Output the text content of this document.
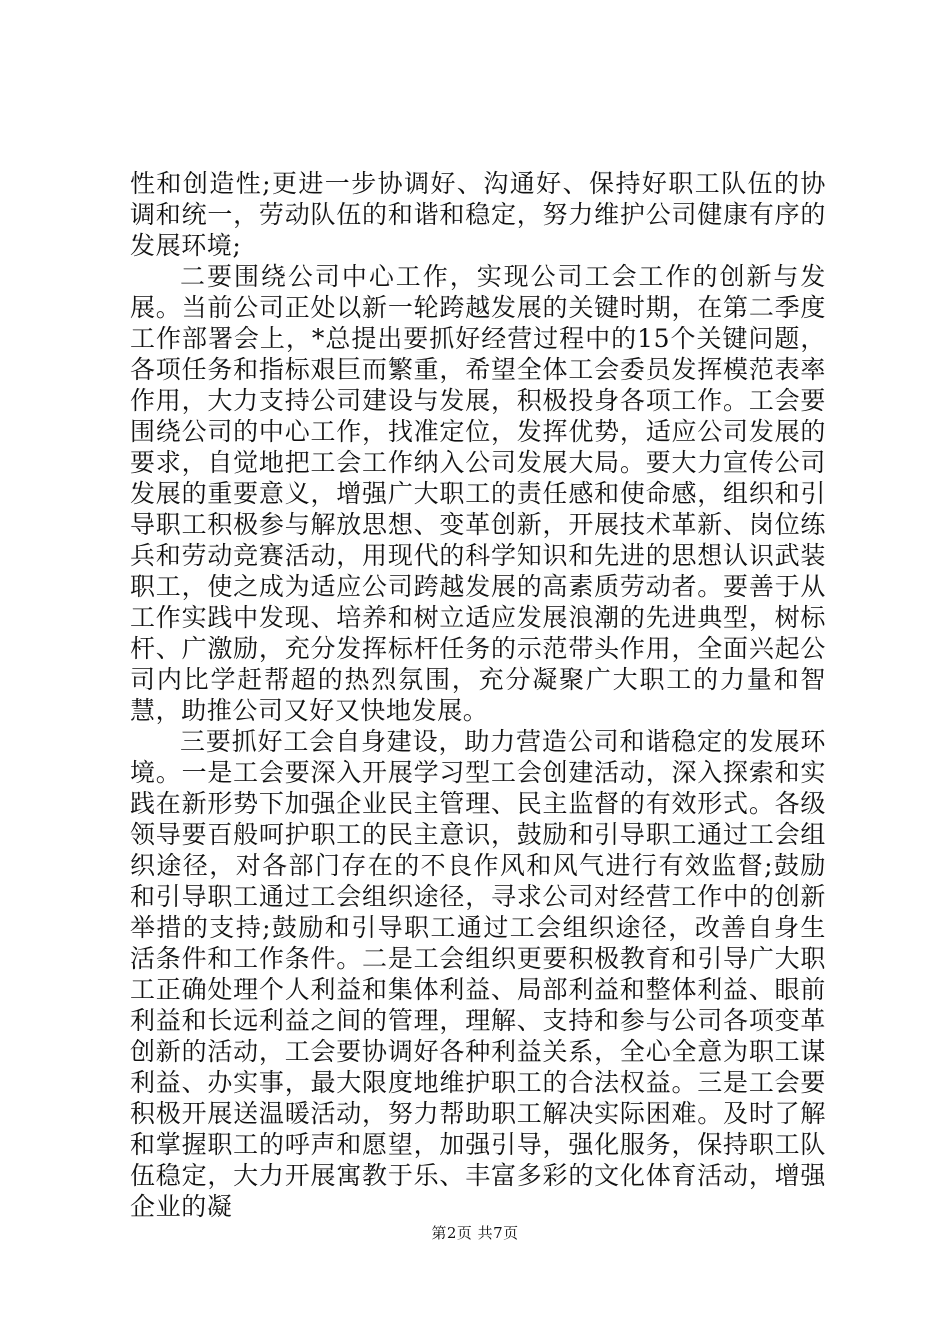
性和创造性;更进一步协调好、沟通好、保持好职工队伍的协调和统一，劳动队伍的和谐和稳定，努力维护公司健康有序的发展环境;

二要围绕公司中心工作，实现公司工会工作的创新与发展。当前公司正处以新一轮跨越发展的关键时期，在第二季度工作部署会上，*总提出要抓好经营过程中的15个关键问题，各项任务和指标艰巨而繁重，希望全体工会委员发挥模范表率作用，大力支持公司建设与发展，积极投身各项工作。工会要围绕公司的中心工作，找准定位，发挥优势，适应公司发展的要求，自觉地把工会工作纳入公司发展大局。要大力宣传公司发展的重要意义，增强广大职工的责任感和使命感，组织和引导职工积极参与解放思想、变革创新，开展技术革新、岗位练兵和劳动竞赛活动，用现代的科学知识和先进的思想认识武装职工，使之成为适应公司跨越发展的高素质劳动者。要善于从工作实践中发现、培养和树立适应发展浪潮的先进典型，树标杆、广激励，充分发挥标杆任务的示范带头作用，全面兴起公司内比学赶帮超的热烈氛围，充分凝聚广大职工的力量和智慧，助推公司又好又快地发展。

三要抓好工会自身建设，助力营造公司和谐稳定的发展环境。一是工会要深入开展学习型工会创建活动，深入探索和实践在新形势下加强企业民主管理、民主监督的有效形式。各级领导要百般呵护职工的民主意识，鼓励和引导职工通过工会组织途径，对各部门存在的不良作风和风气进行有效监督;鼓励和引导职工通过工会组织途径，寻求公司对经营工作中的创新举措的支持;鼓励和引导职工通过工会组织途径，改善自身生活条件和工作条件。二是工会组织更要积极教育和引导广大职工正确处理个人利益和集体利益、局部利益和整体利益、眼前利益和长远利益之间的管理，理解、支持和参与公司各项变革创新的活动，工会要协调好各种利益关系，全心全意为职工谋利益、办实事，最大限度地维护职工的合法权益。三是工会要积极开展送温暖活动，努力帮助职工解决实际困难。及时了解和掌握职工的呼声和愿望，加强引导，强化服务，保持职工队伍稳定，大力开展寓教于乐、丰富多彩的文化体育活动，增强企业的凝

第2页 共7页
